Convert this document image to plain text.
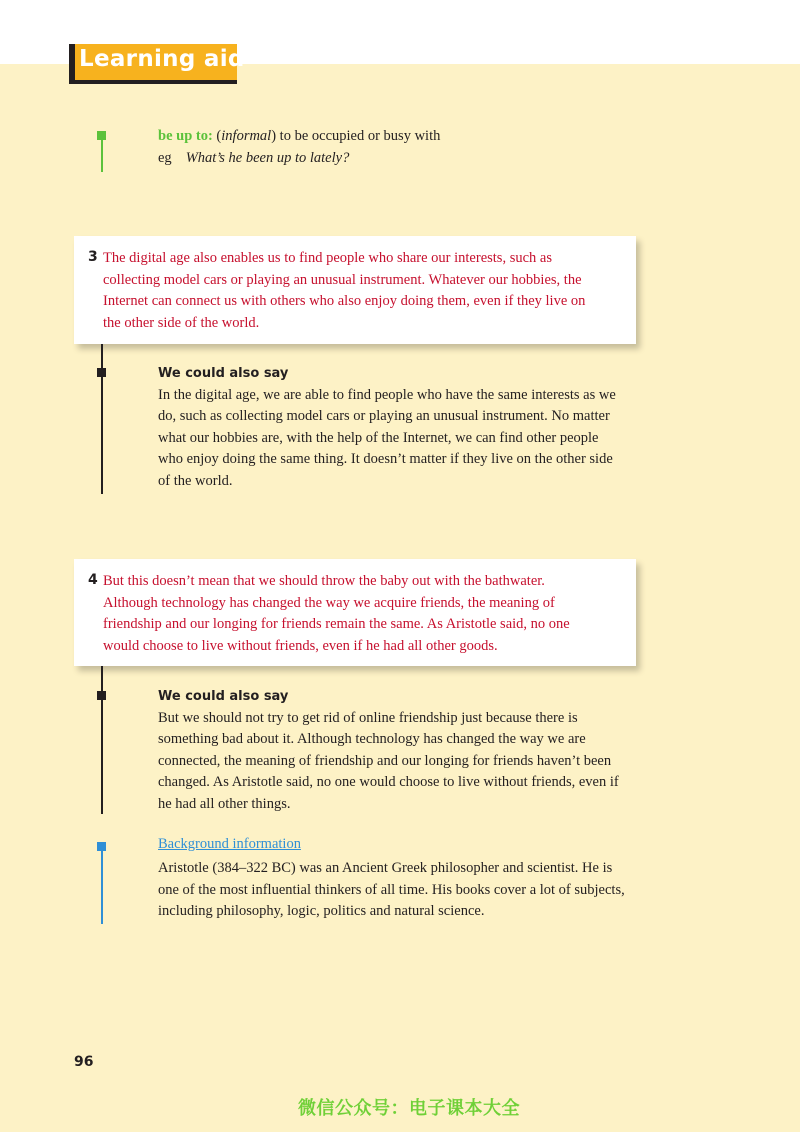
Learning aid
be up to: (informal) to be occupied or busy with
eg What’s he been up to lately?
3 The digital age also enables us to find people who share our interests, such as
collecting model cars or playing an unusual instrument. Whatever our hobbies, the
Internet can connect us with others who also enjoy doing them, even if they live on
the other side of the world.
We could also say
In the digital age, we are able to find people who have the same interests as we
do, such as collecting model cars or playing an unusual instrument. No matter
what our hobbies are, with the help of the Internet, we can find other people
who enjoy doing the same thing. It doesn’t matter if they live on the other side
of the world.
4 But this doesn’t mean that we should throw the baby out with the bathwater.
Although technology has changed the way we acquire friends, the meaning of
friendship and our longing for friends remain the same. As Aristotle said, no one
would choose to live without friends, even if he had all other goods.
We could also say
But we should not try to get rid of online friendship just because there is
something bad about it. Although technology has changed the way we are
connected, the meaning of friendship and our longing for friends haven’t been
changed. As Aristotle said, no one would choose to live without friends, even if
he had all other things.
Background information
Aristotle (384–322 BC) was an Ancient Greek philosopher and scientist. He is
one of the most influential thinkers of all time. His books cover a lot of subjects,
including philosophy, logic, politics and natural science.
96
微信公众号：电子课本大全
